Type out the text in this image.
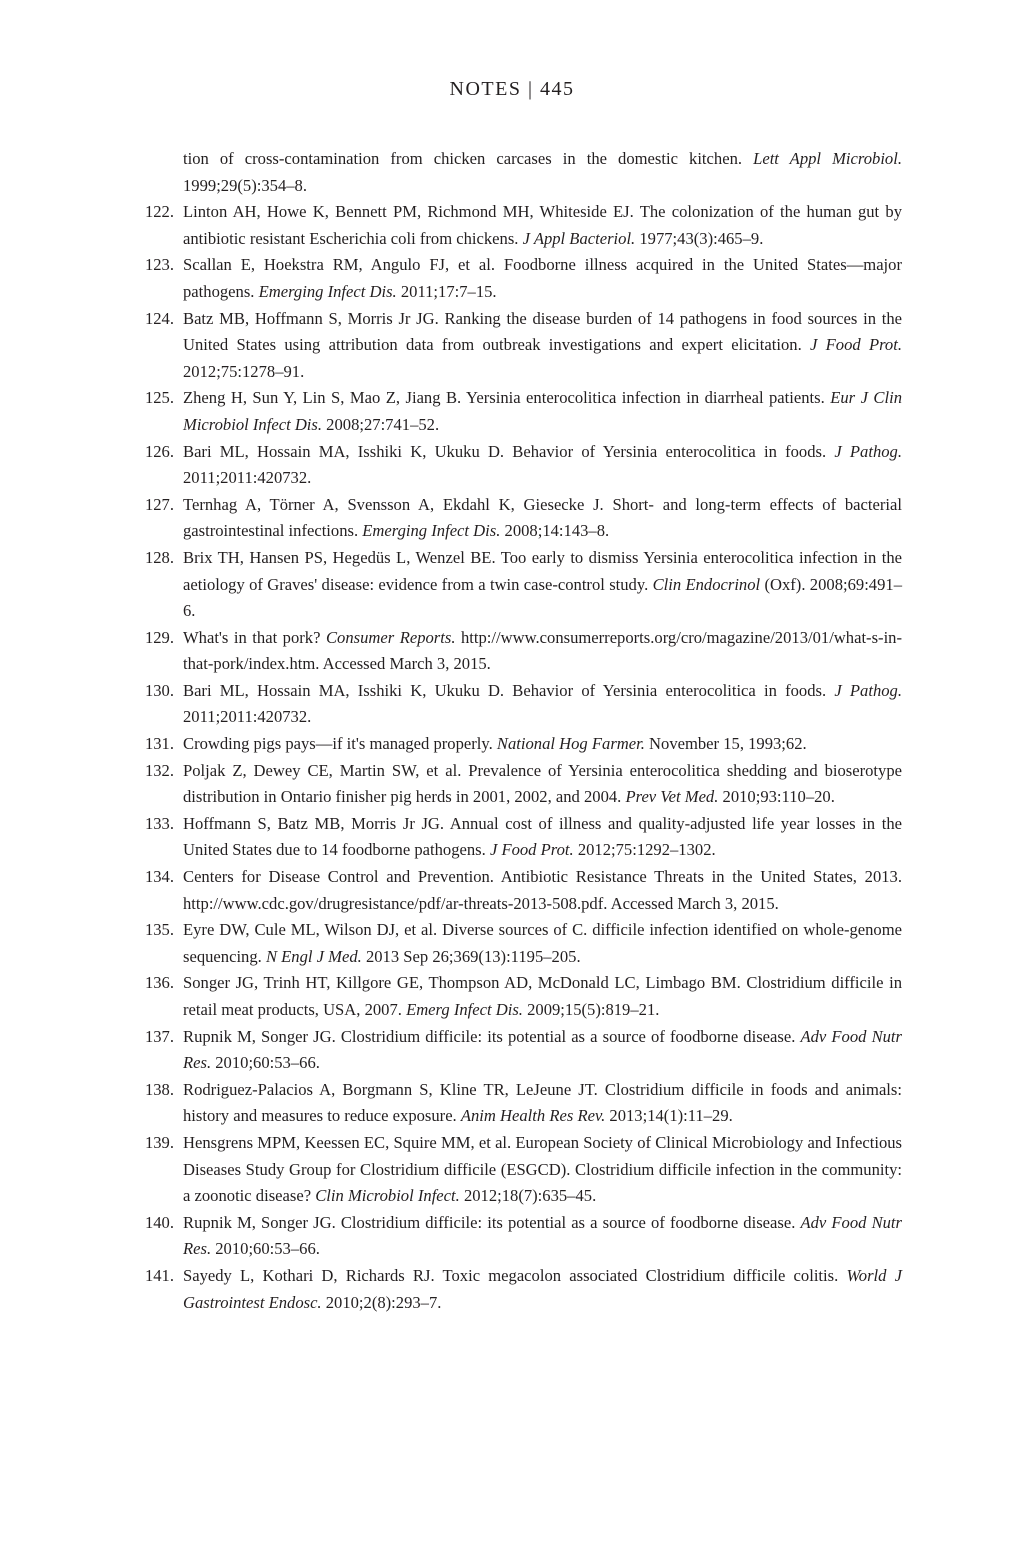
NOTES | 445
tion of cross-contamination from chicken carcases in the domestic kitchen. Lett Appl Microbiol. 1999;29(5):354–8.
122. Linton AH, Howe K, Bennett PM, Richmond MH, Whiteside EJ. The colonization of the human gut by antibiotic resistant Escherichia coli from chickens. J Appl Bacteriol. 1977;43(3):465–9.
123. Scallan E, Hoekstra RM, Angulo FJ, et al. Foodborne illness acquired in the United States—major pathogens. Emerging Infect Dis. 2011;17:7–15.
124. Batz MB, Hoffmann S, Morris Jr JG. Ranking the disease burden of 14 pathogens in food sources in the United States using attribution data from outbreak investigations and expert elicitation. J Food Prot. 2012;75:1278–91.
125. Zheng H, Sun Y, Lin S, Mao Z, Jiang B. Yersinia enterocolitica infection in diarrheal patients. Eur J Clin Microbiol Infect Dis. 2008;27:741–52.
126. Bari ML, Hossain MA, Isshiki K, Ukuku D. Behavior of Yersinia enterocolitica in foods. J Pathog. 2011;2011:420732.
127. Ternhag A, Törner A, Svensson A, Ekdahl K, Giesecke J. Short- and long-term effects of bacterial gastrointestinal infections. Emerging Infect Dis. 2008;14:143–8.
128. Brix TH, Hansen PS, Hegedüs L, Wenzel BE. Too early to dismiss Yersinia enterocolitica infection in the aetiology of Graves' disease: evidence from a twin case-control study. Clin Endocrinol (Oxf). 2008;69:491–6.
129. What's in that pork? Consumer Reports. http://www.consumerreports.org/cro/magazine/2013/01/what-s-in-that-pork/index.htm. Accessed March 3, 2015.
130. Bari ML, Hossain MA, Isshiki K, Ukuku D. Behavior of Yersinia enterocolitica in foods. J Pathog. 2011;2011:420732.
131. Crowding pigs pays—if it's managed properly. National Hog Farmer. November 15, 1993;62.
132. Poljak Z, Dewey CE, Martin SW, et al. Prevalence of Yersinia enterocolitica shedding and bioserotype distribution in Ontario finisher pig herds in 2001, 2002, and 2004. Prev Vet Med. 2010;93:110–20.
133. Hoffmann S, Batz MB, Morris Jr JG. Annual cost of illness and quality-adjusted life year losses in the United States due to 14 foodborne pathogens. J Food Prot. 2012;75:1292–1302.
134. Centers for Disease Control and Prevention. Antibiotic Resistance Threats in the United States, 2013. http://www.cdc.gov/drugresistance/pdf/ar-threats-2013-508.pdf. Accessed March 3, 2015.
135. Eyre DW, Cule ML, Wilson DJ, et al. Diverse sources of C. difficile infection identified on whole-genome sequencing. N Engl J Med. 2013 Sep 26;369(13):1195–205.
136. Songer JG, Trinh HT, Killgore GE, Thompson AD, McDonald LC, Limbago BM. Clostridium difficile in retail meat products, USA, 2007. Emerg Infect Dis. 2009;15(5):819–21.
137. Rupnik M, Songer JG. Clostridium difficile: its potential as a source of foodborne disease. Adv Food Nutr Res. 2010;60:53–66.
138. Rodriguez-Palacios A, Borgmann S, Kline TR, LeJeune JT. Clostridium difficile in foods and animals: history and measures to reduce exposure. Anim Health Res Rev. 2013;14(1):11–29.
139. Hensgrens MPM, Keessen EC, Squire MM, et al. European Society of Clinical Microbiology and Infectious Diseases Study Group for Clostridium difficile (ESGCD). Clostridium difficile infection in the community: a zoonotic disease? Clin Microbiol Infect. 2012;18(7):635–45.
140. Rupnik M, Songer JG. Clostridium difficile: its potential as a source of foodborne disease. Adv Food Nutr Res. 2010;60:53–66.
141. Sayedy L, Kothari D, Richards RJ. Toxic megacolon associated Clostridium difficile colitis. World J Gastrointest Endosc. 2010;2(8):293–7.
